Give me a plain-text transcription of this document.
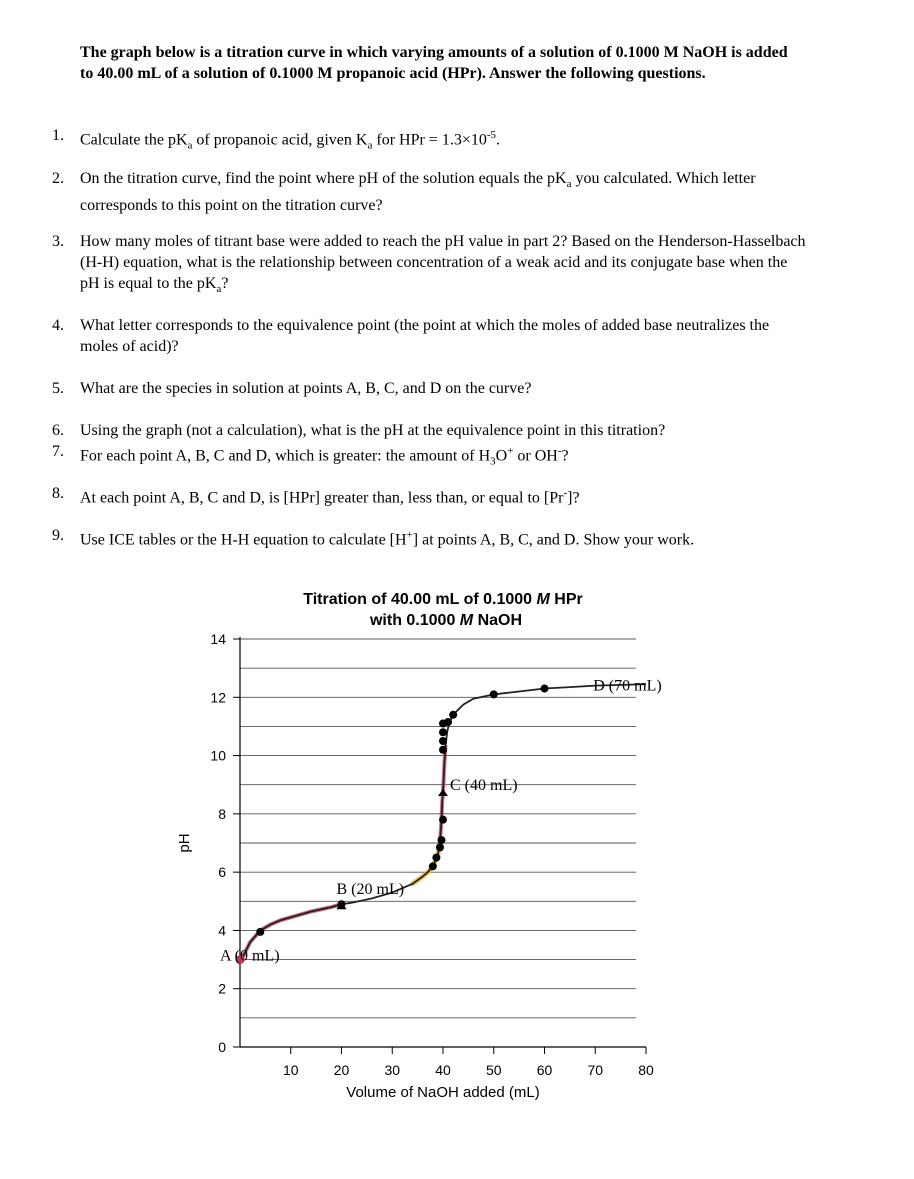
The graph below is a titration curve in which varying amounts of a solution of 0.1000 M NaOH is added to 40.00 mL of a solution of 0.1000 M propanoic acid (HPr). Answer the following questions.

1.	Calculate the $pK_a$ of propanoic acid, given $K_a$ for HPr = $1.3\times 10^{-5}$.
2.	On the titration curve, find the point where pH of the solution equals the $pK_a$ you calculated. Which letter corresponds to this point on the titration curve?
3.	How many moles of titrant base were added to reach the pH value in part 2? Based on the Henderson-Hasselbach (H-H) equation, what is the relationship between concentration of a weak acid and its conjugate base when the pH is equal to the $pK_a$?
4.	What letter corresponds to the equivalence point (the point at which the moles of added base neutralizes the moles of acid)?
5.	What are the species in solution at points A, B, C, and D on the curve?
6.	Using the graph (not a calculation), what is the pH at the equivalence point in this titration?
7.	For each point A, B, C and D, which is greater: the amount of $H_3O^+$ or OH-?
8.	At each point A, B, C and D, is [HPr] greater than, less than, or equal to [Pr-]?
9.	Use ICE tables or the H-H equation to calculate [H+] at points A, B, C, and D. Show your work.
Titration of 40.00 mL of 0.1000 M HPr
with 0.1000 M NaOH
0
2
4
6
8
10
12
14
10	20	30	40	50	60	70	80
A (0 mL)
B (20 mL)
C (40 mL)
D (70 mL)
Volume of NaOH added (mL)
pH
